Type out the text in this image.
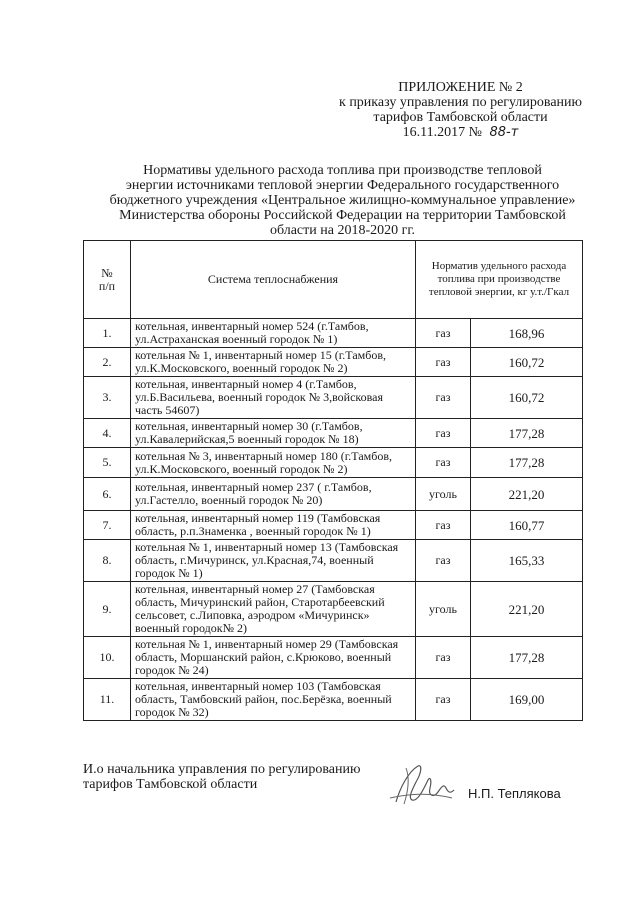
ПРИЛОЖЕНИЕ № 2
к приказу управления по регулированию
тарифов Тамбовской области
16.11.2017 № 88-т
Нормативы удельного расхода топлива при производстве тепловой
энергии источниками тепловой энергии Федерального государственного
бюджетного учреждения «Центральное жилищно-коммунальное управление»
Министерства обороны Российской Федерации на территории Тамбовской
области на 2018-2020 гг.
№
п/п	Система теплоснабжения	Норматив удельного расхода топлива при производстве тепловой энергии, кг у.т./Гкал	
1.	котельная, инвентарный номер 524 (г.Тамбов, ул.Астраханская военный городок № 1)	газ	168,96
2.	котельная № 1, инвентарный номер 15 (г.Тамбов, ул.К.Московского, военный городок № 2)	газ	160,72
3.	котельная, инвентарный номер 4 (г.Тамбов, ул.Б.Васильева, военный городок № 3,войсковая часть 54607)	газ	160,72
4.	котельная, инвентарный номер 30 (г.Тамбов, ул.Кавалерийская,5 военный городок № 18)	газ	177,28
5.	котельная № 3, инвентарный номер 180 (г.Тамбов, ул.К.Московского, военный городок № 2)	газ	177,28
6.	котельная, инвентарный номер 237 ( г.Тамбов, ул.Гастелло, военный городок № 20)	уголь	221,20
7.	котельная, инвентарный номер 119 (Тамбовская область, р.п.Знаменка , военный городок № 1)	газ	160,77
8.	котельная № 1, инвентарный номер 13 (Тамбовская область, г.Мичуринск, ул.Красная,74, военный городок № 1)	газ	165,33
9.	котельная, инвентарный номер 27 (Тамбовская область, Мичуринский район, Старотарбеевский сельсовет, с.Липовка, аэродром «Мичуринск» военный городок№ 2)	уголь	221,20
10.	котельная № 1, инвентарный номер 29 (Тамбовская область, Моршанский район, с.Крюково, военный городок № 24)	газ	177,28
11.	котельная, инвентарный номер 103 (Тамбовская область, Тамбовский район, пос.Берёзка, военный городок № 32)	газ	169,00
И.о начальника управления по регулированию
тарифов Тамбовской области
Н.П. Теплякова
